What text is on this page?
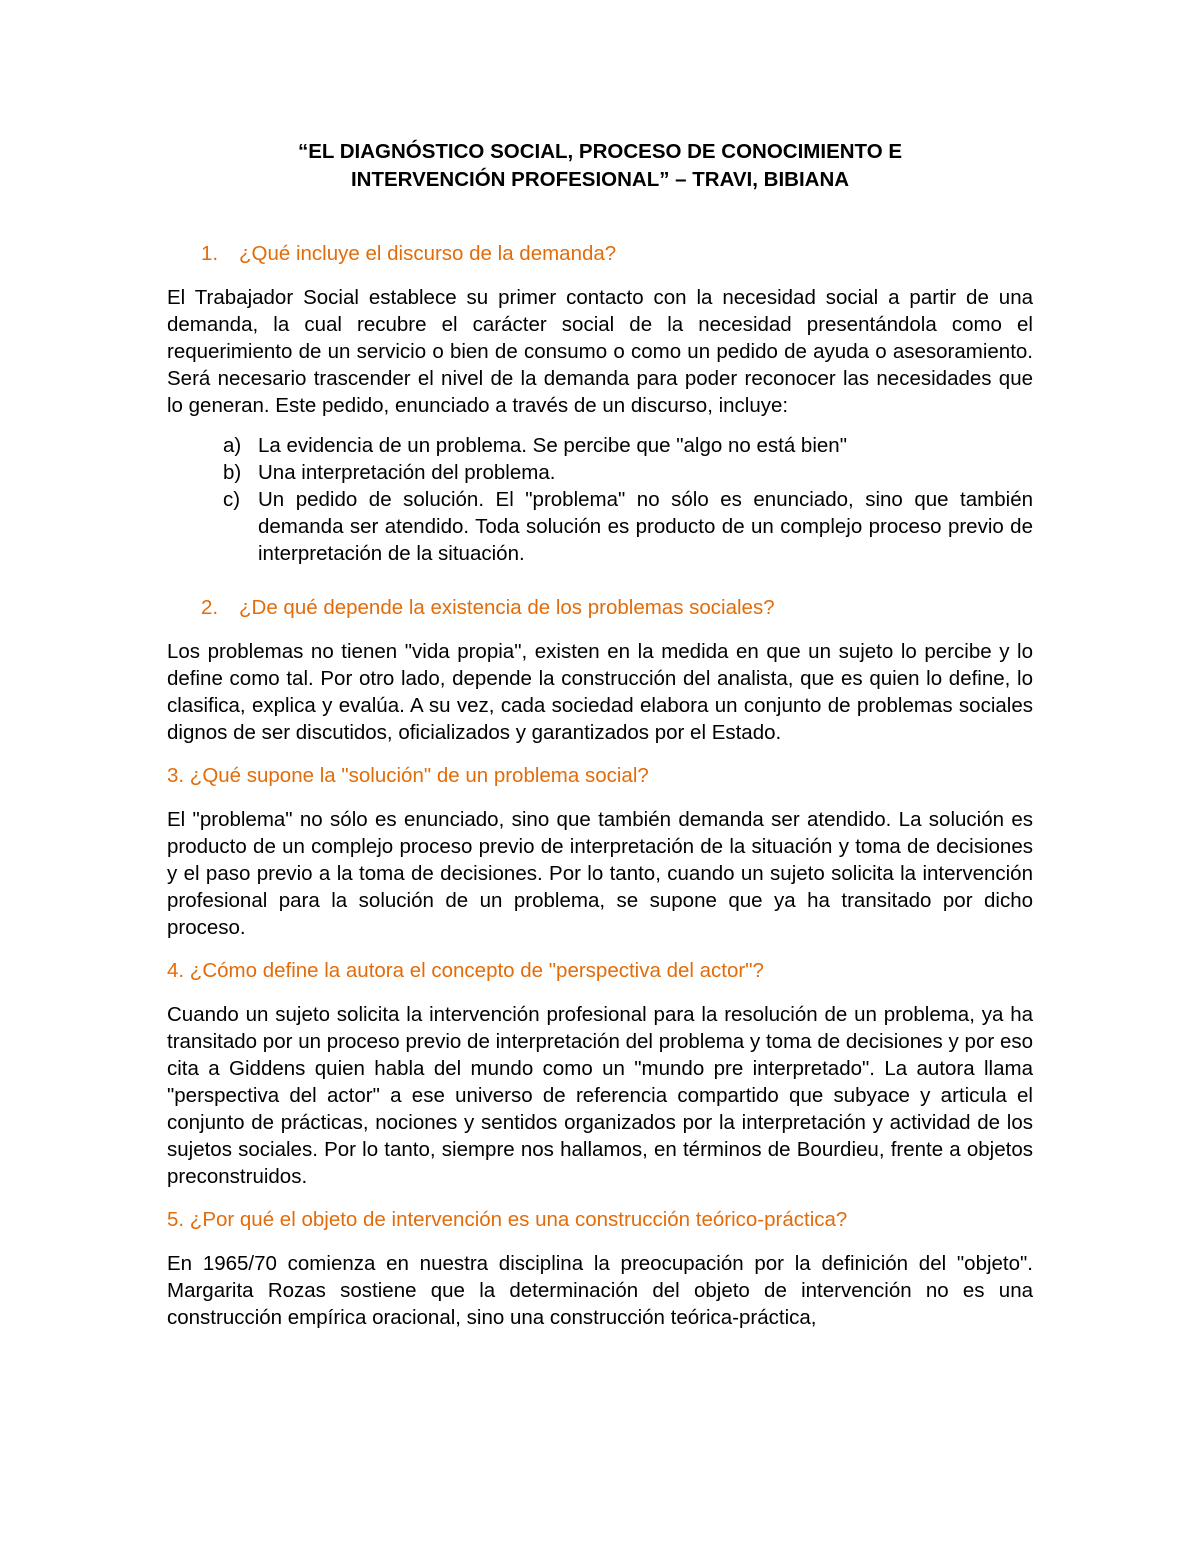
“EL DIAGNÓSTICO SOCIAL, PROCESO DE CONOCIMIENTO E
INTERVENCIÓN PROFESIONAL” – TRAVI, BIBIANA

1. ¿Qué incluye el discurso de la demanda?

El Trabajador Social establece su primer contacto con la necesidad social a partir de una demanda, la cual recubre el carácter social de la necesidad presentándola como el requerimiento de un servicio o bien de consumo o como un pedido de ayuda o asesoramiento. Será necesario trascender el nivel de la demanda para poder reconocer las necesidades que lo generan. Este pedido, enunciado a través de un discurso, incluye:

a) La evidencia de un problema. Se percibe que "algo no está bien"
b) Una interpretación del problema.
c) Un pedido de solución. El "problema" no sólo es enunciado, sino que también demanda ser atendido. Toda solución es producto de un complejo proceso previo de interpretación de la situación.

2. ¿De qué depende la existencia de los problemas sociales?

Los problemas no tienen "vida propia", existen en la medida en que un sujeto lo percibe y lo define como tal. Por otro lado, depende la construcción del analista, que es quien lo define, lo clasifica, explica y evalúa. A su vez, cada sociedad elabora un conjunto de problemas sociales dignos de ser discutidos, oficializados y garantizados por el Estado.

3. ¿Qué supone la "solución" de un problema social?

El "problema" no sólo es enunciado, sino que también demanda ser atendido. La solución es producto de un complejo proceso previo de interpretación de la situación y toma de decisiones y el paso previo a la toma de decisiones. Por lo tanto, cuando un sujeto solicita la intervención profesional para la solución de un problema, se supone que ya ha transitado por dicho proceso.

4. ¿Cómo define la autora el concepto de "perspectiva del actor"?

Cuando un sujeto solicita la intervención profesional para la resolución de un problema, ya ha transitado por un proceso previo de interpretación del problema y toma de decisiones y por eso cita a Giddens quien habla del mundo como un "mundo pre interpretado". La autora llama "perspectiva del actor" a ese universo de referencia compartido que subyace y articula el conjunto de prácticas, nociones y sentidos organizados por la interpretación y actividad de los sujetos sociales. Por lo tanto, siempre nos hallamos, en términos de Bourdieu, frente a objetos preconstruidos.

5. ¿Por qué el objeto de intervención es una construcción teórico-práctica?

En 1965/70 comienza en nuestra disciplina la preocupación por la definición del "objeto". Margarita Rozas sostiene que la determinación del objeto de intervención no es una construcción empírica oracional, sino una construcción teórica-práctica,
